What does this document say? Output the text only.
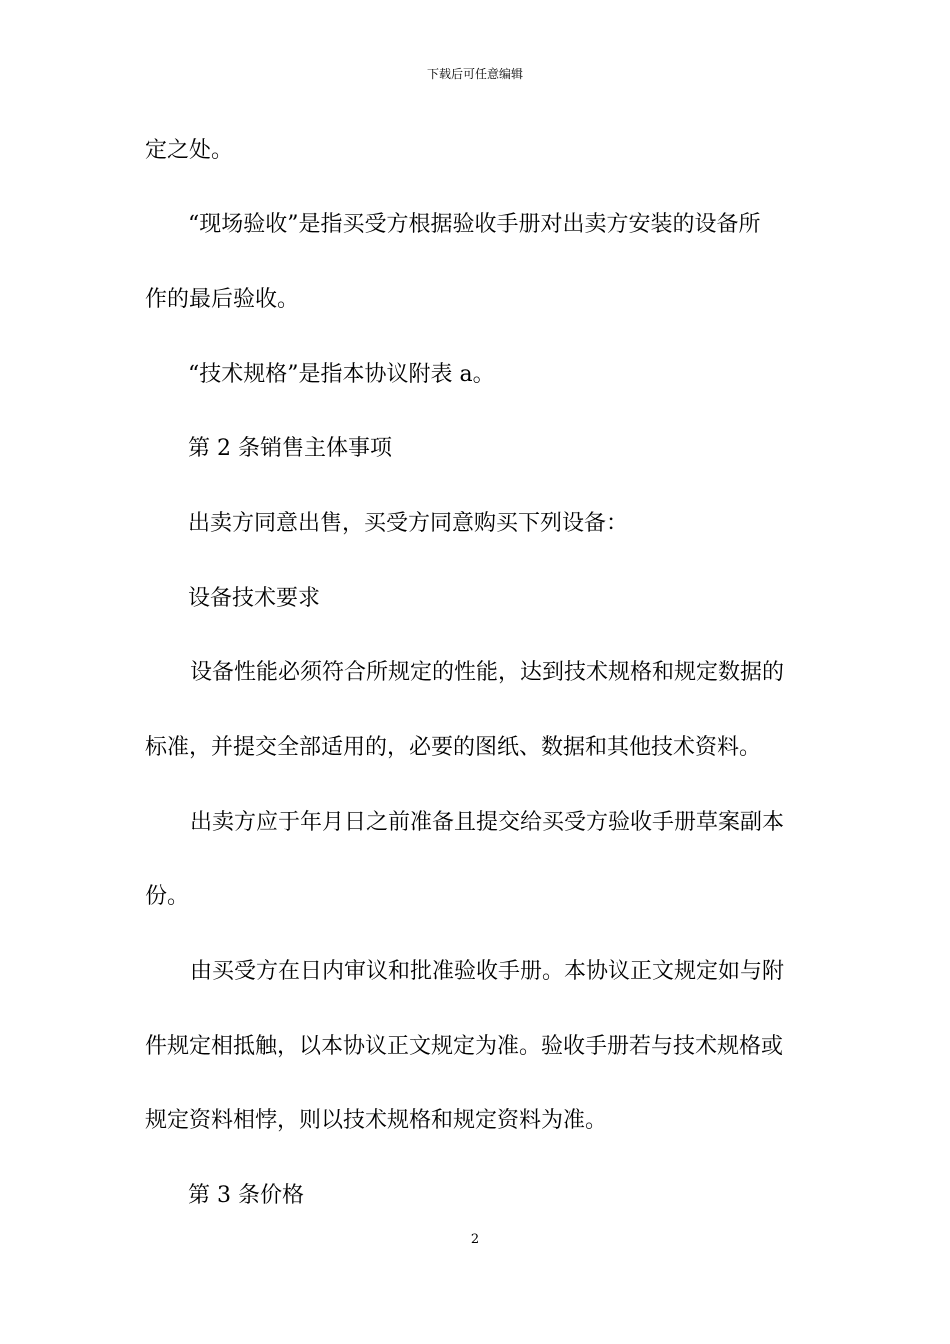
下载后可任意编辑
定之处。
“现场验收”是指买受方根据验收手册对出卖方安装的设备所
作的最后验收。
“技术规格”是指本协议附表 a。
第 2 条销售主体事项
出卖方同意出售，买受方同意购买下列设备：
设备技术要求
设备性能必须符合所规定的性能，达到技术规格和规定数据的
标准，并提交全部适用的，必要的图纸、数据和其他技术资料。
出卖方应于年月日之前准备且提交给买受方验收手册草案副本
份。
由买受方在日内审议和批准验收手册。本协议正文规定如与附
件规定相抵触，以本协议正文规定为准。验收手册若与技术规格或
规定资料相悖，则以技术规格和规定资料为准。
第 3 条价格
2
